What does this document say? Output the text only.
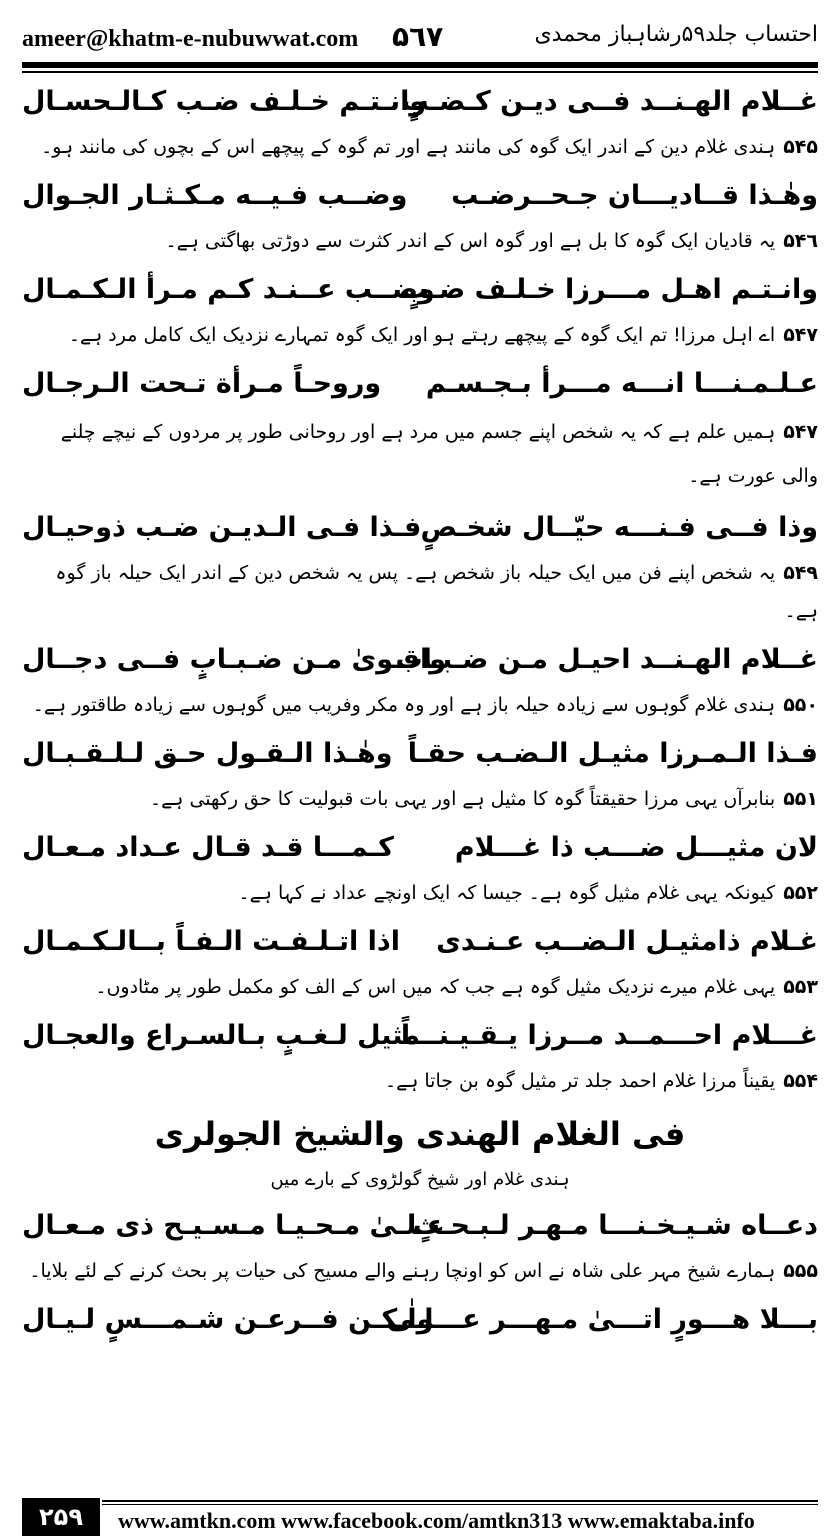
ameer@khatm-e-nubuwwat.com ۵٦٧	احتساب جلد۵۹رشاہباز محمدی
غــلام الهـنــد فــى ديـن كـضـبٍ
وانـتـم خـلـف ضـب كـالـحسـال
۵۴۵ہندی غلام دین کے اندر ایک گوہ کی مانند ہے اور تم گوہ کے پیچھے اس کے بچوں کی مانند ہو۔
وهٰـذا قــاديـــان جـحــرضـب
وضــب فـيــه مـكـثـار الجـوال
۵۴٦یہ قادیان ایک گوہ کا بل ہے اور گوہ اس کے اندر کثرت سے دوڑتی بھاگتی ہے۔
وانـتـم اهـل مـــرزا خـلـف ضـبٍ
وضــب عــنـد كـم مـرأ الـكـمـال
۵۴۷اے اہل مرزا! تم ایک گوہ کے پیچھے رہتے ہو اور ایک گوہ تمہارے نزدیک ایک کامل مرد ہے۔
عـلـمـنـــا انـــه مـــرأ بـجـسـم
وروحـاً مـرأة تـحت الـرجـال
۵۴۷ہمیں علم ہے کہ یہ شخص اپنے جسم میں مرد ہے اور روحانی طور پر مردوں کے نیچے چلنے والی عورت ہے۔
وذا فــى فـنـــه حيّــال شخـصٍ
فـذا فـى الـديـن ضـب ذوحيـال
۵۴۹یہ شخص اپنے فن میں ایک حیلہ باز شخص ہے۔ پس یہ شخص دین کے اندر ایک حیلہ باز گوہ ہے۔
غــلام الهـنــد احيـل مـن ضـبـاب
واقـوىٰ مـن ضـبـابٍ فــى دجــال
۵۵۰ہندی غلام گوہوں سے زیادہ حیلہ باز ہے اور وہ مکر وفریب میں گوہوں سے زیادہ طاقتور ہے۔
فـذا الـمـرزا مثيـل الـضـب حقـاً
وهٰـذا الـقـول حـق لـلـقـبـال
۵۵۱بنابرآں یہی مرزا حقیقتاً گوہ کا مثیل ہے اور یہی بات قبولیت کا حق رکھتی ہے۔
لان مثيـــل ضـــب ذا غـــلام
كـمـــا قـد قـال عـداد مـعـال
۵۵۲کیونکہ یہی غلام مثیل گوہ ہے۔ جیسا کہ ایک اونچے عداد نے کہا ہے۔
غـلام ذامثيـل الـضــب عـنـدى
اذا اتـلـفـت الـفـاً بــالـكـمـال
۵۵۳یہی غلام میرے نزدیک مثیل گوہ ہے جب کہ میں اس کے الف کو مکمل طور پر مٹادوں۔
غـــلام احـــمــد مــرزا يـقـيـنـــاً
مثيل لـغـبٍ بـالسـراع والعجـال
۵۵۴یقیناً مرزا غلام احمد جلد تر مثیل گوہ بن جاتا ہے۔
فى الغلام الهندى والشيخ الجولرى
ہندی غلام اور شیخ گولڑوی کے بارے میں
دعــاه شـيـخـنـــا مـهـر لـبـحـثٍ
عـلـىٰ مـحـيـا مـسـيـح ذى مـعـال
۵۵۵ہمارے شیخ مہر علی شاہ نے اس کو اونچا رہنے والے مسیح کی حیات پر بحث کرنے کے لئے بلایا۔
بـــلا هـــورٍ اتـــىٰ مـهـــر عـــلـى
ولٰـكـن فــرعـن شـمـــسٍ لـيـال
۲۵۹	www.amtkn.com www.facebook.com/amtkn313 www.emaktaba.info
